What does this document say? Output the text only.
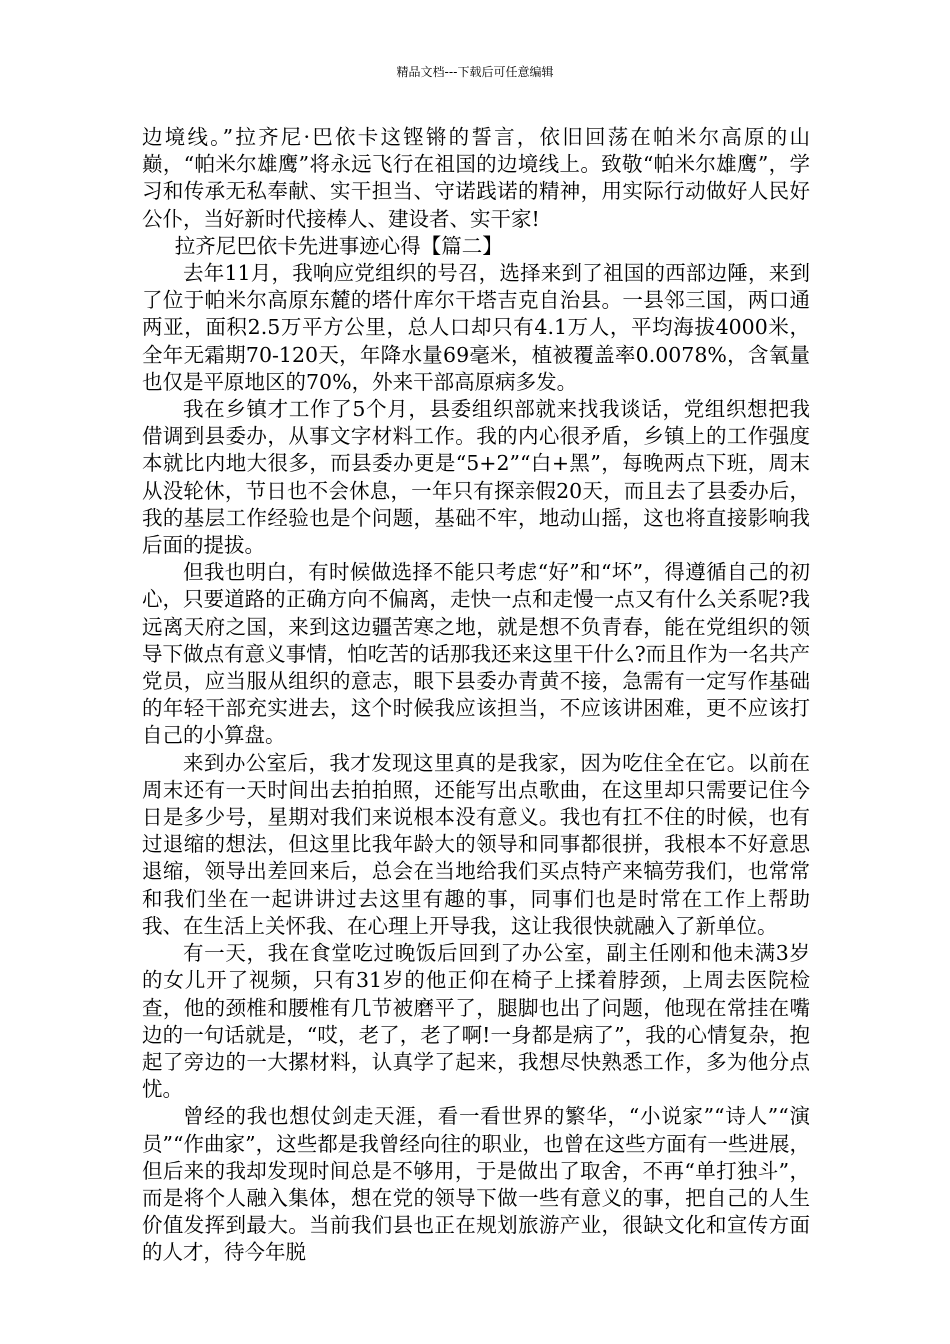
精品文档---下载后可任意编辑

边境线。”拉齐尼·巴依卡这铿锵的誓言，依旧回荡在帕米尔高原的山巅，“帕米尔雄鹰”将永远飞行在祖国的边境线上。致敬“帕米尔雄鹰”，学习和传承无私奉献、实干担当、守诺践诺的精神，用实际行动做好人民好公仆，当好新时代接棒人、建设者、实干家!

拉齐尼巴依卡先进事迹心得【篇二】

去年11月，我响应党组织的号召，选择来到了祖国的西部边陲，来到了位于帕米尔高原东麓的塔什库尔干塔吉克自治县。一县邻三国，两口通两亚，面积2.5万平方公里，总人口却只有4.1万人，平均海拔4000米，全年无霜期70-120天，年降水量69毫米，植被覆盖率0.0078%，含氧量也仅是平原地区的70%，外来干部高原病多发。

我在乡镇才工作了5个月，县委组织部就来找我谈话，党组织想把我借调到县委办，从事文字材料工作。我的内心很矛盾，乡镇上的工作强度本就比内地大很多，而县委办更是“5+2”“白+黑”，每晚两点下班，周末从没轮休，节日也不会休息，一年只有探亲假20天，而且去了县委办后，我的基层工作经验也是个问题，基础不牢，地动山摇，这也将直接影响我后面的提拔。

但我也明白，有时候做选择不能只考虑“好”和“坏”，得遵循自己的初心，只要道路的正确方向不偏离，走快一点和走慢一点又有什么关系呢?我远离天府之国，来到这边疆苦寒之地，就是想不负青春，能在党组织的领导下做点有意义事情，怕吃苦的话那我还来这里干什么?而且作为一名共产党员，应当服从组织的意志，眼下县委办青黄不接，急需有一定写作基础的年轻干部充实进去，这个时候我应该担当，不应该讲困难，更不应该打自己的小算盘。

来到办公室后，我才发现这里真的是我家，因为吃住全在它。以前在周末还有一天时间出去拍拍照，还能写出点歌曲，在这里却只需要记住今日是多少号，星期对我们来说根本没有意义。我也有扛不住的时候，也有过退缩的想法，但这里比我年龄大的领导和同事都很拼，我根本不好意思退缩，领导出差回来后，总会在当地给我们买点特产来犒劳我们，也常常和我们坐在一起讲讲过去这里有趣的事，同事们也是时常在工作上帮助我、在生活上关怀我、在心理上开导我，这让我很快就融入了新单位。

有一天，我在食堂吃过晚饭后回到了办公室，副主任刚和他未满3岁的女儿开了视频，只有31岁的他正仰在椅子上揉着脖颈，上周去医院检查，他的颈椎和腰椎有几节被磨平了，腿脚也出了问题，他现在常挂在嘴边的一句话就是，“哎，老了，老了啊!一身都是病了”，我的心情复杂，抱起了旁边的一大摞材料，认真学了起来，我想尽快熟悉工作，多为他分点忧。

曾经的我也想仗剑走天涯，看一看世界的繁华，“小说家”“诗人”“演员”“作曲家”，这些都是我曾经向往的职业，也曾在这些方面有一些进展，但后来的我却发现时间总是不够用，于是做出了取舍，不再“单打独斗”，而是将个人融入集体，想在党的领导下做一些有意义的事，把自己的人生价值发挥到最大。当前我们县也正在规划旅游产业，很缺文化和宣传方面的人才，待今年脱
